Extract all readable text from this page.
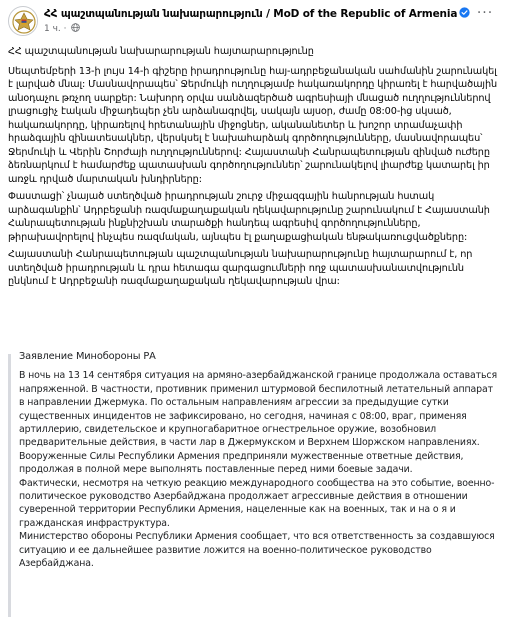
ՀՀ պաշտպանության նախարարություն / MoD of the Republic of Armenia
1 ч. ·
···

ՀՀ պաշտպանության նախարարության հայտարարությունը

Սեպտեմբերի 13-ի լույս 14-ի գիշերը իրադրությունը հայ-ադրբեջանական սահմանին շարունակել է լարված մնալ: Մասնավորապես՝ Ջերմուկի ուղղությամբ հակառակորդը կիրառել է հարվածային անօդաչու թռչող սարքեր: Նախորդ օրվա սանձազերծած ագրեսիայի մնացած ուղղություններով լրացուցիչ էական միջադեպեր չեն արձանագրվել, սակայն այսօր, ժամը 08:00-ից սկսած, հակառակորդը, կիրառելով հրետանային միջոցներ, ականանետեր և խոշոր տրամաչափի հրաձգային զինատեսակներ, վերսկսել է նախահարձակ գործողությունները, մասնավորապես՝ Ջերմուկի և Վերին Շորժայի ուղղություններով: Հայաստանի Հանրապետության զինված ուժերը ձեռնարկում է համարժեք պատասխան գործողություններ՝ շարունակելով լիարժեք կատարել իր առջև դրված մարտական խնդիրները:

Փաստացի՝ չնայած ստեղծված իրադրության շուրջ միջազգային հանրության հստակ արձագանքին՝ Ադրբեջանի ռազմաքաղաքական ղեկավարությունը շարունակում է Հայաստանի Հանրապետության ինքնիշխան տարածքի հանդեպ ագրեսիվ գործողությունները, թիրախավորելով ինչպես ռազմական, այնպես էլ քաղաքացիական ենթակառուցվածքները:

Հայաստանի Հանրապետության պաշտպանության նախարարությունը հայտարարում է, որ ստեղծված իրադրության և դրա հետագա զարգացումների ողջ պատասխանատվությունն ընկնում է Ադրբեջանի ռազմաքաղաքական ղեկավարության վրա:

Заявление Минобороны РА

В ночь на 13 14 сентября ситуация на армяно-азербайджанской границе продолжала оставаться напряженной. В частности, противник применил штурмовой беспилотный летательный аппарат в направлении Джермука. По остальным направлениям агрессии за предыдущие сутки существенных инцидентов не зафиксировано, но сегодня, начиная с 08:00, враг, применяя артиллерию, свидетельское и крупногабаритное огнестрельное оружие, возобновил предварительные действия, в части лар в Джермукском и Верхнем Шоржском направлениях. Вооруженные Силы Республики Армения предприняли мужественные ответные действия, продолжая в полной мере выполнять поставленные перед ними боевые задачи.

Фактически, несмотря на четкую реакцию международного сообщества на это событие, военно-политическое руководство Азербайджана продолжает агрессивные действия в отношении суверенной территории Республики Армения, нацеленные как на военных, так и на о я и гражданская инфраструктура.

Министерство обороны Республики Армения сообщает, что вся ответственность за создавшуюся ситуацию и ее дальнейшее развитие ложится на военно-политическое руководство Азербайджана.
